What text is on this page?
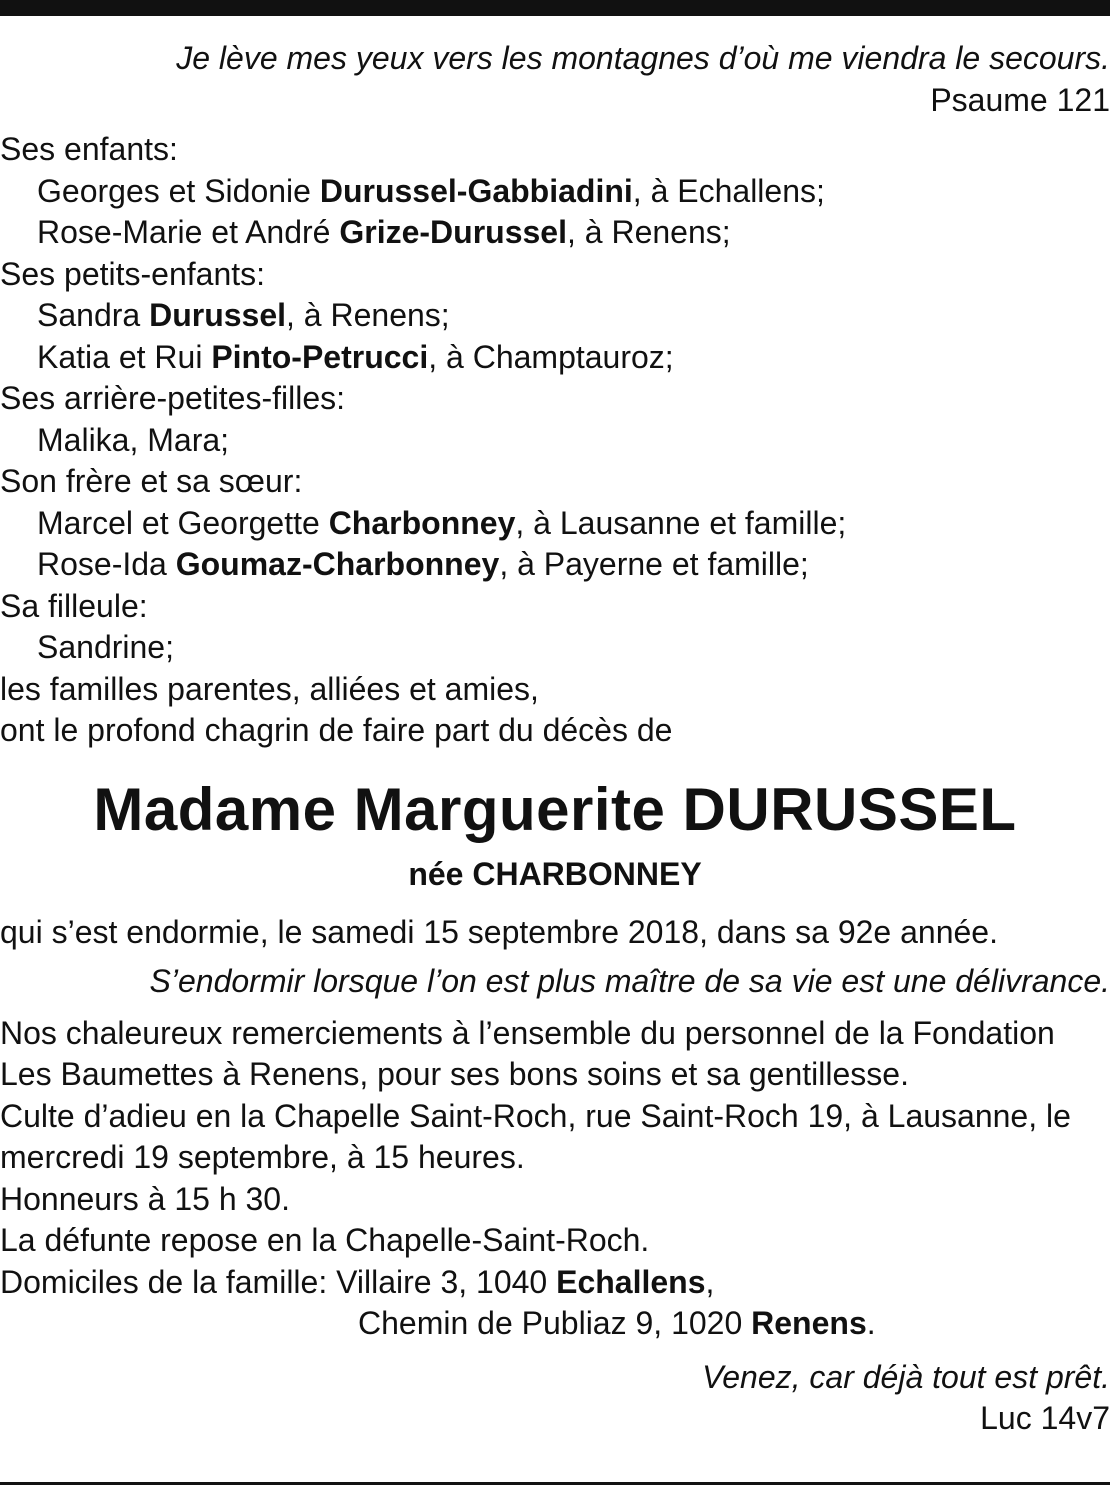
Je lève mes yeux vers les montagnes d’où me viendra le secours.
Psaume 121
Ses enfants:
Georges et Sidonie Durussel-Gabbiadini, à Echallens;
Rose-Marie et André Grize-Durussel, à Renens;
Ses petits-enfants:
Sandra Durussel, à Renens;
Katia et Rui Pinto-Petrucci, à Champtauroz;
Ses arrière-petites-filles:
Malika, Mara;
Son frère et sa sœur:
Marcel et Georgette Charbonney, à Lausanne et famille;
Rose-Ida Goumaz-Charbonney, à Payerne et famille;
Sa filleule:
Sandrine;
les familles parentes, alliées et amies,
ont le profond chagrin de faire part du décès de
Madame Marguerite DURUSSEL
née CHARBONNEY
qui s’est endormie, le samedi 15 septembre 2018, dans sa 92e année.
S’endormir lorsque l’on est plus maître de sa vie est une délivrance.
Nos chaleureux remerciements à l’ensemble du personnel de la Fondation
Les Baumettes à Renens, pour ses bons soins et sa gentillesse.
Culte d’adieu en la Chapelle Saint-Roch, rue Saint-Roch 19, à Lausanne, le
mercredi 19 septembre, à 15 heures.
Honneurs à 15 h 30.
La défunte repose en la Chapelle-Saint-Roch.
Domiciles de la famille: Villaire 3, 1040 Echallens,
Chemin de Publiaz 9, 1020 Renens.
Venez, car déjà tout est prêt.
Luc 14v7
